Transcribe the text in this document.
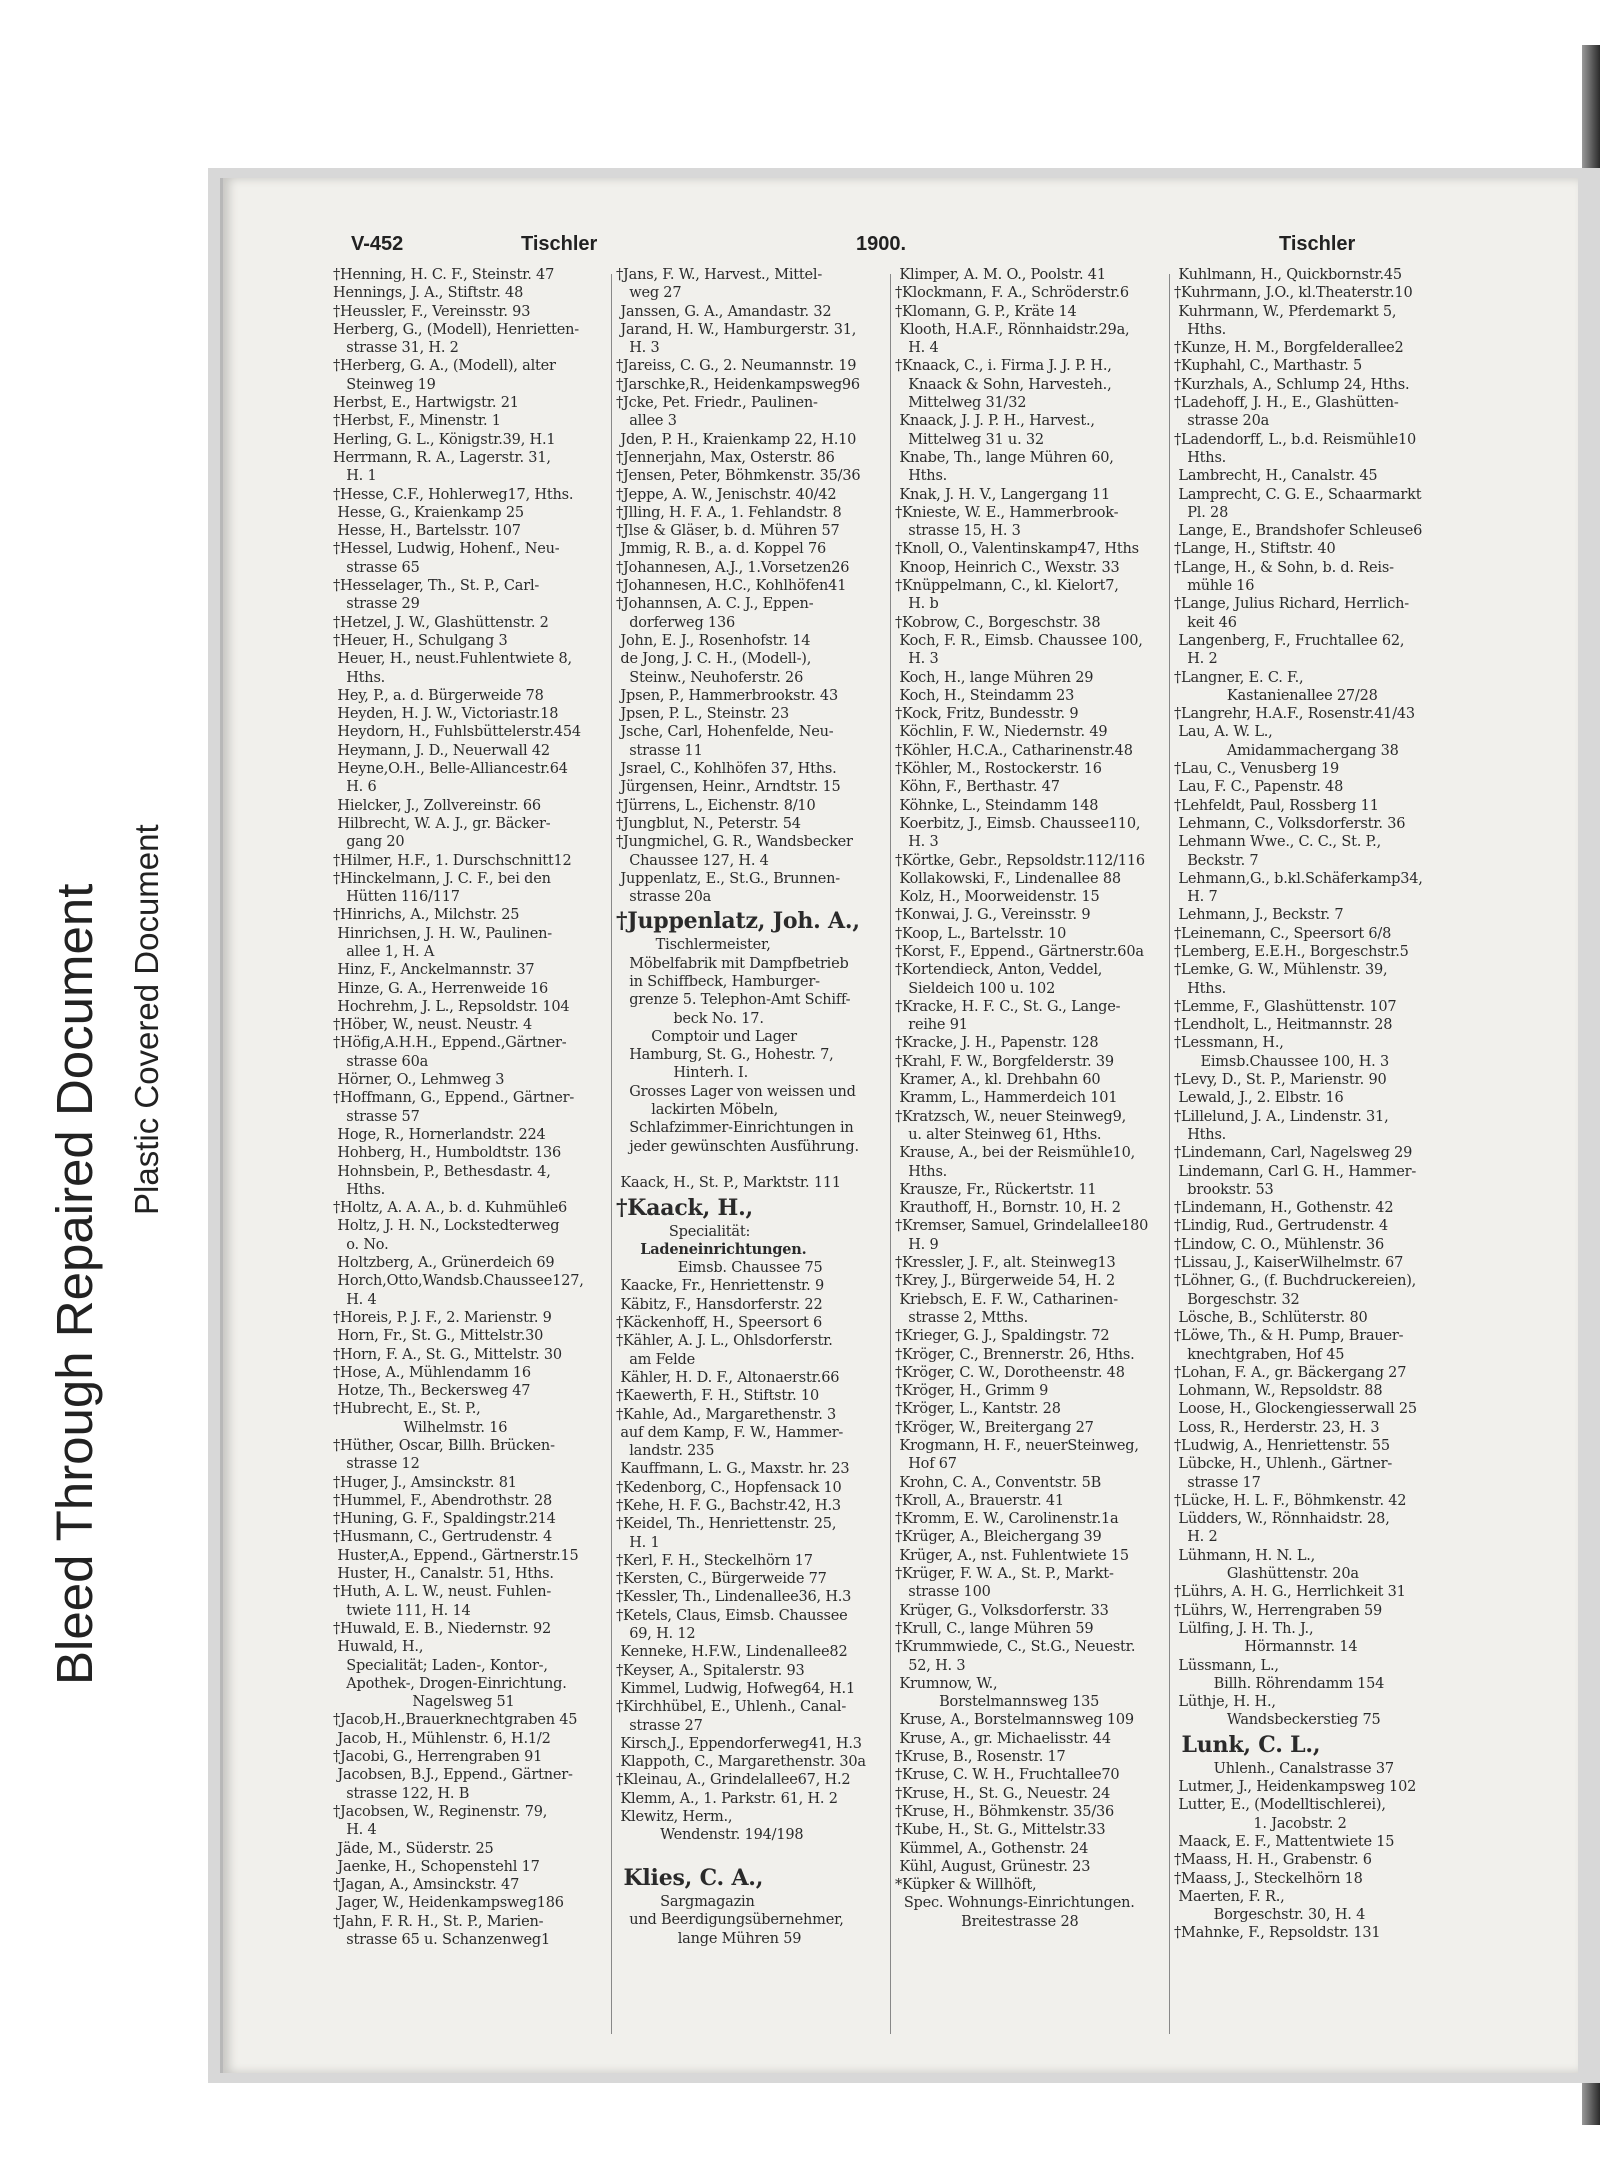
Bleed Through Repaired Document Plastic Covered Document
V-452	Tischler	1900.	Tischler
†Henning, H. C. F., Steinstr. 47
Hennings, J. A., Stiftstr. 48
†Heussler, F., Vereinsstr. 93
Herberg, G., (Modell), Henrietten-
strasse 31, H. 2
†Herberg, G. A., (Modell), alter
Steinweg 19
Herbst, E., Hartwigstr. 21
†Herbst, F., Minenstr. 1
Herling, G. L., Königstr.39, H.1
Herrmann, R. A., Lagerstr. 31,
H. 1
†Hesse, C.F., Hohlerweg17, Hths.
Hesse, G., Kraienkamp 25
Hesse, H., Bartelsstr. 107
†Hessel, Ludwig, Hohenf., Neu-
strasse 65
†Hesselager, Th., St. P., Carl-
strasse 29
†Hetzel, J. W., Glashüttenstr. 2
†Heuer, H., Schulgang 3
Heuer, H., neust.Fuhlentwiete 8,
Hths.
Hey, P., a. d. Bürgerweide 78
Heyden, H. J. W., Victoriastr.18
Heydorn, H., Fuhlsbüttelerstr.454
Heymann, J. D., Neuerwall 42
Heyne,O.H., Belle-Alliancestr.64
H. 6
Hielcker, J., Zollvereinstr. 66
Hilbrecht, W. A. J., gr. Bäcker-
gang 20
†Hilmer, H.F., 1. Durschschnitt12
†Hinckelmann, J. C. F., bei den
Hütten 116/117
†Hinrichs, A., Milchstr. 25
Hinrichsen, J. H. W., Paulinen-
allee 1, H. A
Hinz, F., Anckelmannstr. 37
Hinze, G. A., Herrenweide 16
Hochrehm, J. L., Repsoldstr. 104
†Höber, W., neust. Neustr. 4
†Höfig,A.H.H., Eppend.,Gärtner-
strasse 60a
Hörner, O., Lehmweg 3
†Hoffmann, G., Eppend., Gärtner-
strasse 57
Hoge, R., Hornerlandstr. 224
Hohberg, H., Humboldtstr. 136
Hohnsbein, P., Bethesdastr. 4,
Hths.
†Holtz, A. A. A., b. d. Kuhmühle6
Holtz, J. H. N., Lockstedterweg
o. No.
Holtzberg, A., Grünerdeich 69
Horch,Otto,Wandsb.Chaussee127,
H. 4
†Horeis, P. J. F., 2. Marienstr. 9
Horn, Fr., St. G., Mittelstr.30
†Horn, F. A., St. G., Mittelstr. 30
†Hose, A., Mühlendamm 16
Hotze, Th., Beckersweg 47
†Hubrecht, E., St. P.,
Wilhelmstr. 16
†Hüther, Oscar, Billh. Brücken-
strasse 12
†Huger, J., Amsinckstr. 81
†Hummel, F., Abendrothstr. 28
†Huning, G. F., Spaldingstr.214
†Husmann, C., Gertrudenstr. 4
Huster,A., Eppend., Gärtnerstr.15
Huster, H., Canalstr. 51, Hths.
†Huth, A. L. W., neust. Fuhlen-
twiete 111, H. 14
†Huwald, E. B., Niedernstr. 92
Huwald, H.,
Specialität; Laden-, Kontor-,
Apothek-, Drogen-Einrichtung.
Nagelsweg 51
†Jacob,H.,Brauerknechtgraben 45
Jacob, H., Mühlenstr. 6, H.1/2
†Jacobi, G., Herrengraben 91
Jacobsen, B.J., Eppend., Gärtner-
strasse 122, H. B
†Jacobsen, W., Reginenstr. 79,
H. 4
Jäde, M., Süderstr. 25
Jaenke, H., Schopenstehl 17
†Jagan, A., Amsinckstr. 47
Jager, W., Heidenkampsweg186
†Jahn, F. R. H., St. P., Marien-
strasse 65 u. Schanzenweg1
†Jans, F. W., Harvest., Mittel-
weg 27
Janssen, G. A., Amandastr. 32
Jarand, H. W., Hamburgerstr. 31,
H. 3
†Jareiss, C. G., 2. Neumannstr. 19
†Jarschke,R., Heidenkampsweg96
†Jcke, Pet. Friedr., Paulinen-
allee 3
Jden, P. H., Kraienkamp 22, H.10
†Jennerjahn, Max, Osterstr. 86
†Jensen, Peter, Böhmkenstr. 35/36
†Jeppe, A. W., Jenischstr. 40/42
†Jlling, H. F. A., 1. Fehlandstr. 8
†Jlse & Gläser, b. d. Mühren 57
Jmmig, R. B., a. d. Koppel 76
†Johannesen, A.J., 1.Vorsetzen26
†Johannesen, H.C., Kohlhöfen41
†Johannsen, A. C. J., Eppen-
dorferweg 136
John, E. J., Rosenhofstr. 14
de Jong, J. C. H., (Modell-),
Steinw., Neuhoferstr. 26
Jpsen, P., Hammerbrookstr. 43
Jpsen, P. L., Steinstr. 23
Jsche, Carl, Hohenfelde, Neu-
strasse 11
Jsrael, C., Kohlhöfen 37, Hths.
Jürgensen, Heinr., Arndtstr. 15
†Jürrens, L., Eichenstr. 8/10
†Jungblut, N., Peterstr. 54
†Jungmichel, G. R., Wandsbecker
Chaussee 127, H. 4
Juppenlatz, E., St.G., Brunnen-
strasse 20a
†Juppenlatz, Joh. A.,
Tischlermeister,
Möbelfabrik mit Dampfbetrieb
in Schiffbeck, Hamburger-
grenze 5. Telephon-Amt Schiff-
beck No. 17.
Comptoir und Lager
Hamburg, St. G., Hohestr. 7,
Hinterh. I.
Grosses Lager von weissen und
lackirten Möbeln,
Schlafzimmer-Einrichtungen in
jeder gewünschten Ausführung.

Kaack, H., St. P., Marktstr. 111
†Kaack, H.,
Specialität:
Ladeneinrichtungen.
Eimsb. Chaussee 75
Kaacke, Fr., Henriettenstr. 9
Käbitz, F., Hansdorferstr. 22
†Käckenhoff, H., Speersort 6
†Kähler, A. J. L., Ohlsdorferstr.
am Felde
Kähler, H. D. F., Altonaerstr.66
†Kaewerth, F. H., Stiftstr. 10
†Kahle, Ad., Margarethenstr. 3
auf dem Kamp, F. W., Hammer-
landstr. 235
Kauffmann, L. G., Maxstr. hr. 23
†Kedenborg, C., Hopfensack 10
†Kehe, H. F. G., Bachstr.42, H.3
†Keidel, Th., Henriettenstr. 25,
H. 1
†Kerl, F. H., Steckelhörn 17
†Kersten, C., Bürgerweide 77
†Kessler, Th., Lindenallee36, H.3
†Ketels, Claus, Eimsb. Chaussee
69, H. 12
Kenneke, H.F.W., Lindenallee82
†Keyser, A., Spitalerstr. 93
Kimmel, Ludwig, Hofweg64, H.1
†Kirchhübel, E., Uhlenh., Canal-
strasse 27
Kirsch,J., Eppendorferweg41, H.3
Klappoth, C., Margarethenstr. 30a
†Kleinau, A., Grindelallee67, H.2
Klemm, A., 1. Parkstr. 61, H. 2
Klewitz, Herm.,
Wendenstr. 194/198

Klies, C. A.,
Sargmagazin
und Beerdigungsübernehmer,
lange Mühren 59
Klimper, A. M. O., Poolstr. 41
†Klockmann, F. A., Schröderstr.6
†Klomann, G. P., Kräte 14
Klooth, H.A.F., Rönnhaidstr.29a,
H. 4
†Knaack, C., i. Firma J. J. P. H.,
Knaack & Sohn, Harvesteh.,
Mittelweg 31/32
Knaack, J. J. P. H., Harvest.,
Mittelweg 31 u. 32
Knabe, Th., lange Mühren 60,
Hths.
Knak, J. H. V., Langergang 11
†Knieste, W. E., Hammerbrook-
strasse 15, H. 3
†Knoll, O., Valentinskamp47, Hths
Knoop, Heinrich C., Wexstr. 33
†Knüppelmann, C., kl. Kielort7,
H. b
†Kobrow, C., Borgeschstr. 38
Koch, F. R., Eimsb. Chaussee 100,
H. 3
Koch, H., lange Mühren 29
Koch, H., Steindamm 23
†Kock, Fritz, Bundesstr. 9
Köchlin, F. W., Niedernstr. 49
†Köhler, H.C.A., Catharinenstr.48
†Köhler, M., Rostockerstr. 16
Köhn, F., Berthastr. 47
Köhnke, L., Steindamm 148
Koerbitz, J., Eimsb. Chaussee110,
H. 3
†Körtke, Gebr., Repsoldstr.112/116
Kollakowski, F., Lindenallee 88
Kolz, H., Moorweidenstr. 15
†Konwai, J. G., Vereinsstr. 9
†Koop, L., Bartelsstr. 10
†Korst, F., Eppend., Gärtnerstr.60a
†Kortendieck, Anton, Veddel,
Sieldeich 100 u. 102
†Kracke, H. F. C., St. G., Lange-
reihe 91
†Kracke, J. H., Papenstr. 128
†Krahl, F. W., Borgfelderstr. 39
Kramer, A., kl. Drehbahn 60
Kramm, L., Hammerdeich 101
†Kratzsch, W., neuer Steinweg9,
u. alter Steinweg 61, Hths.
Krause, A., bei der Reismühle10,
Hths.
Krausze, Fr., Rückertstr. 11
Krauthoff, H., Bornstr. 10, H. 2
†Kremser, Samuel, Grindelallee180
H. 9
†Kressler, J. F., alt. Steinweg13
†Krey, J., Bürgerweide 54, H. 2
Kriebsch, E. F. W., Catharinen-
strasse 2, Mtths.
†Krieger, G. J., Spaldingstr. 72
†Kröger, C., Brennerstr. 26, Hths.
†Kröger, C. W., Dorotheenstr. 48
†Kröger, H., Grimm 9
†Kröger, L., Kantstr. 28
†Kröger, W., Breitergang 27
Krogmann, H. F., neuerSteinweg,
Hof 67
Krohn, C. A., Conventstr. 5B
†Kroll, A., Brauerstr. 41
†Kromm, E. W., Carolinenstr.1a
†Krüger, A., Bleichergang 39
Krüger, A., nst. Fuhlentwiete 15
†Krüger, F. W. A., St. P., Markt-
strasse 100
Krüger, G., Volksdorferstr. 33
†Krull, C., lange Mühren 59
†Krummwiede, C., St.G., Neuestr.
52, H. 3
Krumnow, W.,
Borstelmannsweg 135
Kruse, A., Borstelmannsweg 109
Kruse, A., gr. Michaelisstr. 44
†Kruse, B., Rosenstr. 17
†Kruse, C. W. H., Fruchtallee70
†Kruse, H., St. G., Neuestr. 24
†Kruse, H., Böhmkenstr. 35/36
†Kube, H., St. G., Mittelstr.33
Kümmel, A., Gothenstr. 24
Kühl, August, Grünestr. 23
*Küpker & Willhöft,
Spec. Wohnungs-Einrichtungen.
Breitestrasse 28
Kuhlmann, H., Quickbornstr.45
†Kuhrmann, J.O., kl.Theaterstr.10
Kuhrmann, W., Pferdemarkt 5,
Hths.
†Kunze, H. M., Borgfelderallee2
†Kuphahl, C., Marthastr. 5
†Kurzhals, A., Schlump 24, Hths.
†Ladehoff, J. H., E., Glashütten-
strasse 20a
†Ladendorff, L., b.d. Reismühle10
Hths.
Lambrecht, H., Canalstr. 45
Lamprecht, C. G. E., Schaarmarkt
Pl. 28
Lange, E., Brandshofer Schleuse6
†Lange, H., Stiftstr. 40
†Lange, H., & Sohn, b. d. Reis-
mühle 16
†Lange, Julius Richard, Herrlich-
keit 46
Langenberg, F., Fruchtallee 62,
H. 2
†Langner, E. C. F.,
Kastanienallee 27/28
†Langrehr, H.A.F., Rosenstr.41/43
Lau, A. W. L.,
Amidammachergang 38
†Lau, C., Venusberg 19
Lau, F. C., Papenstr. 48
†Lehfeldt, Paul, Rossberg 11
Lehmann, C., Volksdorferstr. 36
Lehmann Wwe., C. C., St. P.,
Beckstr. 7
Lehmann,G., b.kl.Schäferkamp34,
H. 7
Lehmann, J., Beckstr. 7
†Leinemann, C., Speersort 6/8
†Lemberg, E.E.H., Borgeschstr.5
†Lemke, G. W., Mühlenstr. 39,
Hths.
†Lemme, F., Glashüttenstr. 107
†Lendholt, L., Heitmannstr. 28
†Lessmann, H.,
Eimsb.Chaussee 100, H. 3
†Levy, D., St. P., Marienstr. 90
Lewald, J., 2. Elbstr. 16
†Lillelund, J. A., Lindenstr. 31,
Hths.
†Lindemann, Carl, Nagelsweg 29
Lindemann, Carl G. H., Hammer-
brookstr. 53
†Lindemann, H., Gothenstr. 42
†Lindig, Rud., Gertrudenstr. 4
†Lindow, C. O., Mühlenstr. 36
†Lissau, J., KaiserWilhelmstr. 67
†Löhner, G., (f. Buchdruckereien),
Borgeschstr. 32
Lösche, B., Schlüterstr. 80
†Löwe, Th., & H. Pump, Brauer-
knechtgraben, Hof 45
†Lohan, F. A., gr. Bäckergang 27
Lohmann, W., Repsoldstr. 88
Loose, H., Glockengiesserwall 25
Loss, R., Herderstr. 23, H. 3
†Ludwig, A., Henriettenstr. 55
Lübcke, H., Uhlenh., Gärtner-
strasse 17
†Lücke, H. L. F., Böhmkenstr. 42
Lüdders, W., Rönnhaidstr. 28,
H. 2
Lühmann, H. N. L.,
Glashüttenstr. 20a
†Lührs, A. H. G., Herrlichkeit 31
†Lührs, W., Herrengraben 59
Lülfing, J. H. Th. J.,
Hörmannstr. 14
Lüssmann, L.,
Billh. Röhrendamm 154
Lüthje, H. H.,
Wandsbeckerstieg 75
Lunk, C. L.,
Uhlenh., Canalstrasse 37
Lutmer, J., Heidenkampsweg 102
Lutter, E., (Modelltischlerei),
1. Jacobstr. 2
Maack, E. F., Mattentwiete 15
†Maass, H. H., Grabenstr. 6
†Maass, J., Steckelhörn 18
Maerten, F. R.,
Borgeschstr. 30, H. 4
†Mahnke, F., Repsoldstr. 131
